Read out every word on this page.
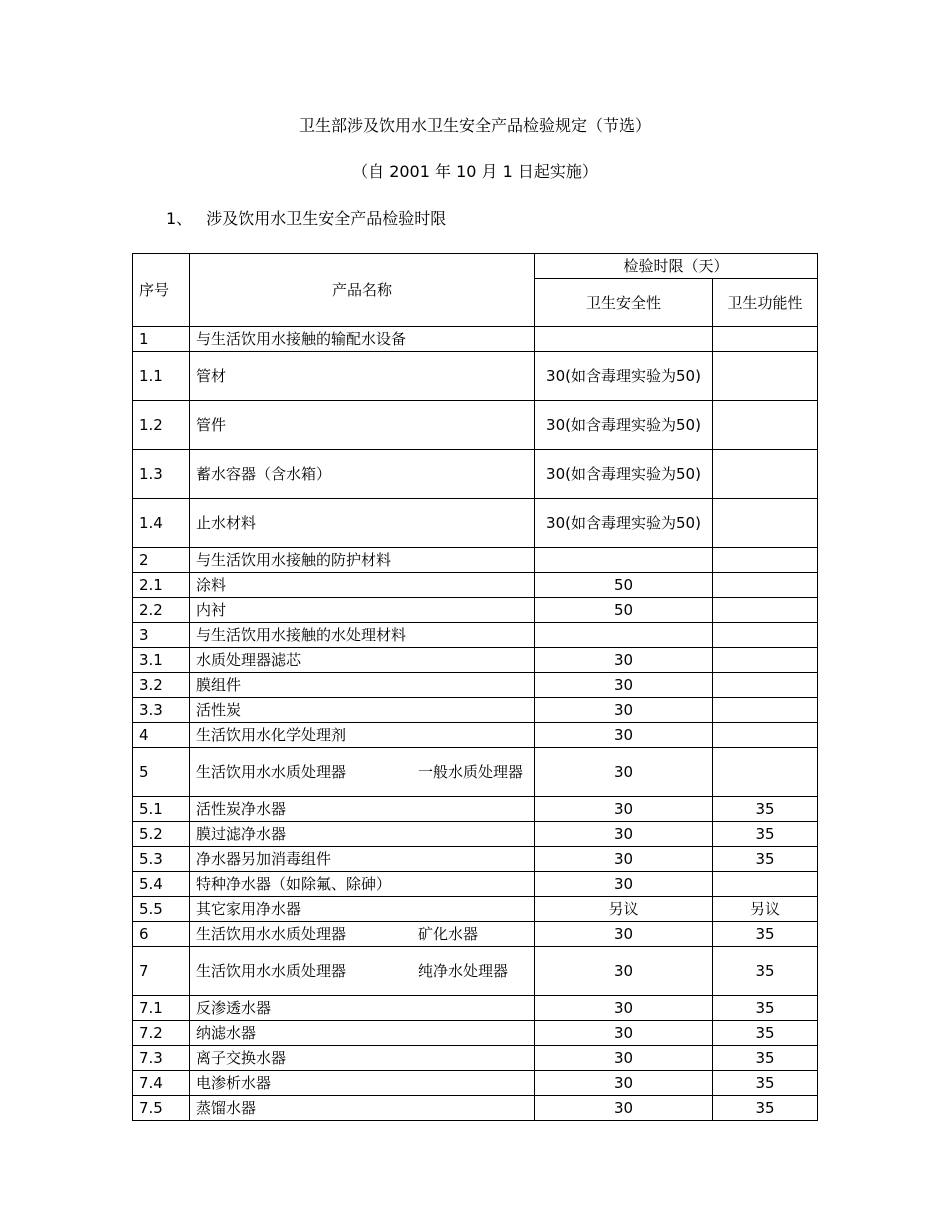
卫生部涉及饮用水卫生安全产品检验规定（节选）
（自 2001 年 10 月 1 日起实施）
1、 涉及饮用水卫生安全产品检验时限
序号	产品名称	检验时限（天）	
		卫生安全性	卫生功能性
1	与生活饮用水接触的输配水设备		
1.1	管材	30(如含毒理实验为50)	
1.2	管件	30(如含毒理实验为50)	
1.3	蓄水容器（含水箱）	30(如含毒理实验为50)	
1.4	止水材料	30(如含毒理实验为50)	
2	与生活饮用水接触的防护材料		
2.1	涂料	50	
2.2	内衬	50	
3	与生活饮用水接触的水处理材料		
3.1	水质处理器滤芯	30	
3.2	膜组件	30	
3.3	活性炭	30	
4	生活饮用水化学处理剂	30	
5	生活饮用水水质处理器 一般水质处理器	30	
5.1	活性炭净水器	30	35
5.2	膜过滤净水器	30	35
5.3	净水器另加消毒组件	30	35
5.4	特种净水器（如除氟、除砷）	30	
5.5	其它家用净水器	另议	另议
6	生活饮用水水质处理器 矿化水器	30	35
7	生活饮用水水质处理器 纯净水处理器	30	35
7.1	反渗透水器	30	35
7.2	纳滤水器	30	35
7.3	离子交换水器	30	35
7.4	电渗析水器	30	35
7.5	蒸馏水器	30	35
